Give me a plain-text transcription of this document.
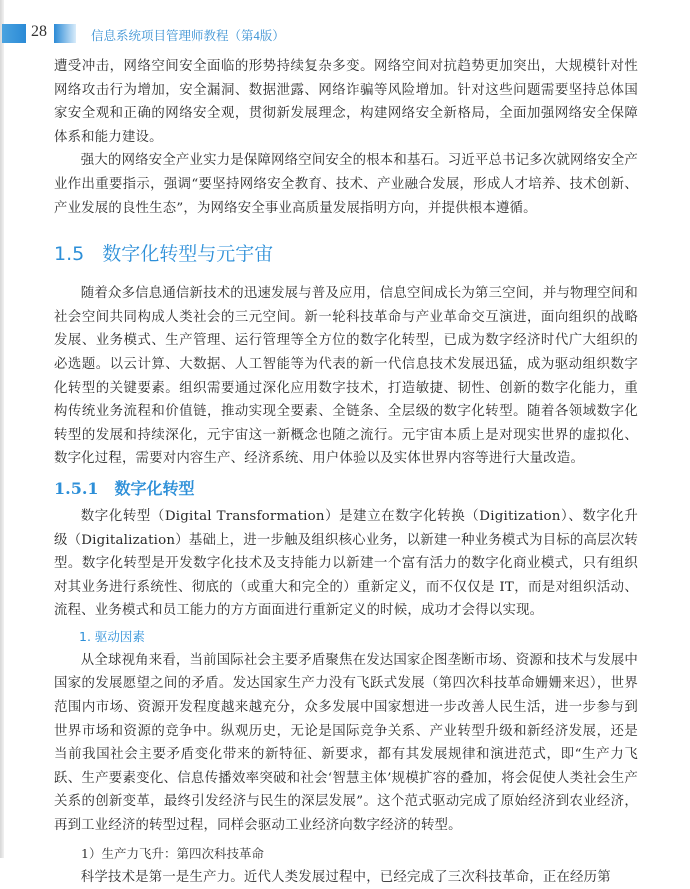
28	信息系统项目管理师教程（第4版）

遭受冲击，网络空间安全面临的形势持续复杂多变。网络空间对抗趋势更加突出，大规模针对性网络攻击行为增加，安全漏洞、数据泄露、网络诈骗等风险增加。针对这些问题需要坚持总体国家安全观和正确的网络安全观，贯彻新发展理念，构建网络安全新格局，全面加强网络安全保障体系和能力建设。

强大的网络安全产业实力是保障网络空间安全的根本和基石。习近平总书记多次就网络安全产业作出重要指示，强调“要坚持网络安全教育、技术、产业融合发展，形成人才培养、技术创新、产业发展的良性生态”，为网络安全事业高质量发展指明方向，并提供根本遵循。

1.5 数字化转型与元宇宙

随着众多信息通信新技术的迅速发展与普及应用，信息空间成长为第三空间，并与物理空间和社会空间共同构成人类社会的三元空间。新一轮科技革命与产业革命交互演进，面向组织的战略发展、业务模式、生产管理、运行管理等全方位的数字化转型，已成为数字经济时代广大组织的必选题。以云计算、大数据、人工智能等为代表的新一代信息技术发展迅猛，成为驱动组织数字化转型的关键要素。组织需要通过深化应用数字技术，打造敏捷、韧性、创新的数字化能力，重构传统业务流程和价值链，推动实现全要素、全链条、全层级的数字化转型。随着各领域数字化转型的发展和持续深化，元宇宙这一新概念也随之流行。元宇宙本质上是对现实世界的虚拟化、数字化过程，需要对内容生产、经济系统、用户体验以及实体世界内容等进行大量改造。

1.5.1 数字化转型

数字化转型（Digital Transformation）是建立在数字化转换（Digitization）、数字化升级（Digitalization）基础上，进一步触及组织核心业务，以新建一种业务模式为目标的高层次转型。数字化转型是开发数字化技术及支持能力以新建一个富有活力的数字化商业模式，只有组织对其业务进行系统性、彻底的（或重大和完全的）重新定义，而不仅仅是 IT，而是对组织活动、流程、业务模式和员工能力的方方面面进行重新定义的时候，成功才会得以实现。

1. 驱动因素

从全球视角来看，当前国际社会主要矛盾聚焦在发达国家企图垄断市场、资源和技术与发展中国家的发展愿望之间的矛盾。发达国家生产力没有飞跃式发展（第四次科技革命姗姗来迟），世界范围内市场、资源开发程度越来越充分，众多发展中国家想进一步改善人民生活，进一步参与到世界市场和资源的竞争中。纵观历史，无论是国际竞争关系、产业转型升级和新经济发展，还是当前我国社会主要矛盾变化带来的新特征、新要求，都有其发展规律和演进范式，即“生产力飞跃、生产要素变化、信息传播效率突破和社会‘智慧主体’规模扩容的叠加，将会促使人类社会生产关系的创新变革，最终引发经济与民生的深层发展”。这个范式驱动完成了原始经济到农业经济，再到工业经济的转型过程，同样会驱动工业经济向数字经济的转型。

1）生产力飞升：第四次科技革命

科学技术是第一是生产力。近代人类发展过程中，已经完成了三次科技革命，正在经历第
